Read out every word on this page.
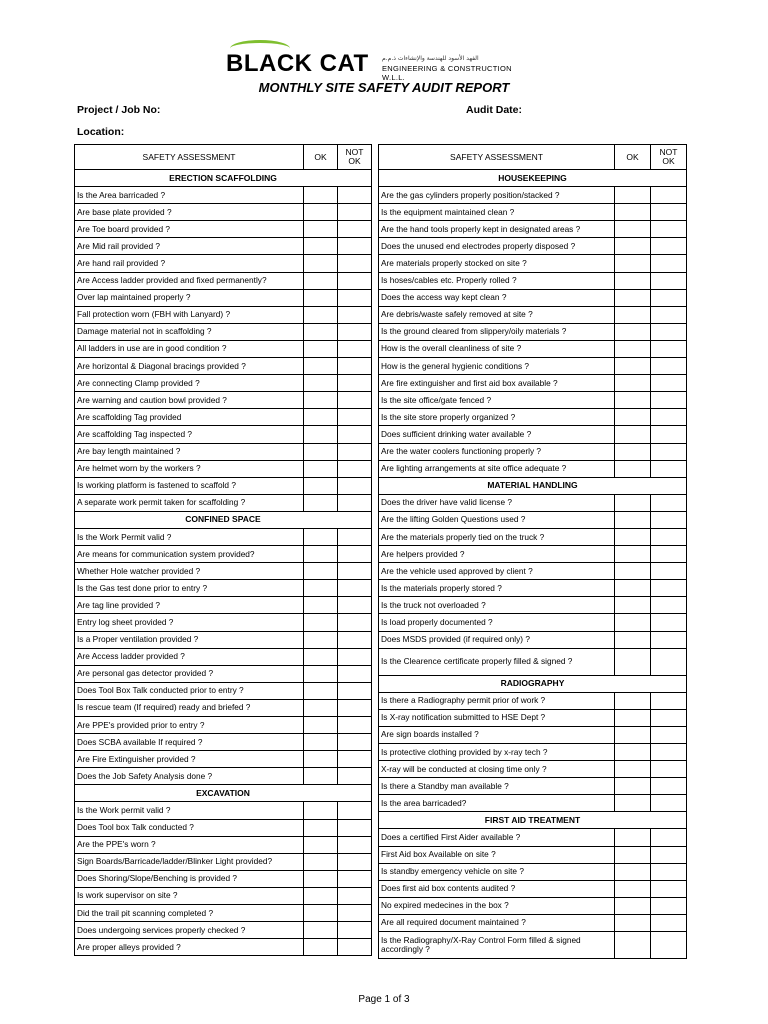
BLACK CAT الفهد الأسود للهندسة والإنشاءات ذ.م.م
ENGINEERING & CONSTRUCTION W.L.L.
MONTHLY SITE SAFETY AUDIT REPORT
Project / Job No:	Audit Date:
Location:
SAFETY ASSESSMENT	OK	NOT OK
ERECTION SCAFFOLDING		
Is the Area barricaded ?		
Are base plate provided ?		
Are Toe board provided ?		
Are Mid rail provided ?		
Are hand rail provided ?		
Are Access ladder provided and fixed permanently?		
Over lap maintained properly ?		
Fall protection worn (FBH with Lanyard) ?		
Damage material not in scaffolding ?		
All ladders in use are in good condition ?		
Are horizontal & Diagonal bracings provided ?		
Are connecting Clamp provided ?		
Are warning and caution bowl provided ?		
Are scaffolding Tag provided		
Are scaffolding Tag inspected ?		
Are bay length maintained ?		
Are helmet worn by the workers ?		
Is working platform is fastened to scaffold ?		
A separate work permit taken for scaffolding ?		
CONFINED SPACE		
Is the Work Permit valid ?		
Are means for communication system provided?		
Whether Hole watcher provided ?		
Is the Gas test done prior to entry ?		
Are tag line provided ?		
Entry log sheet provided ?		
Is a Proper ventilation provided ?		
Are Access ladder provided ?		
Are personal gas detector provided ?		
Does Tool Box Talk conducted prior to entry ?		
Is rescue team (If required) ready and briefed ?		
Are PPE's provided prior to entry ?		
Does SCBA available If required ?		
Are Fire Extinguisher provided ?		
Does the Job Safety Analysis done ?		
EXCAVATION		
Is the Work permit valid ?		
Does Tool box Talk conducted ?		
Are the PPE's worn ?		
Sign Boards/Barricade/ladder/Blinker Light provided?		
Does Shoring/Slope/Benching is provided ?		
Is work supervisor on site ?		
Did the trail pit scanning completed ?		
Does undergoing services properly checked ?		
Are proper alleys provided ?		
SAFETY ASSESSMENT	OK	NOT OK
HOUSEKEEPING		
Are the gas cylinders properly position/stacked ?		
Is the equipment maintained clean ?		
Are the hand tools properly kept in designated areas ?		
Does the unused end electrodes properly disposed ?		
Are materials properly stocked on site ?		
Is hoses/cables etc. Properly rolled ?		
Does the access way kept clean ?		
Are debris/waste safely removed at site ?		
Is the ground cleared from slippery/oily materials ?		
How is the overall cleanliness of site ?		
How is the general hygienic conditions ?		
Are fire extinguisher and first aid box available ?		
Is the site office/gate fenced ?		
Is the site store properly organized ?		
Does sufficient drinking water available ?		
Are the water coolers functioning properly ?		
Are lighting arrangements at site office adequate ?		
MATERIAL HANDLING		
Does the driver have valid license ?		
Are the lifting Golden Questions used ?		
Are the materials properly tied on the truck ?		
Are helpers provided ?		
Are the vehicle used approved by client ?		
Is the materials properly stored ?		
Is the truck not overloaded ?		
Is load properly documented ?		
Does MSDS provided (if required only) ?		
Is the Clearence certificate properly filled & signed ?		
RADIOGRAPHY		
Is there a Radiography permit prior of work ?		
Is X-ray notification submitted to HSE Dept ?		
Are sign boards installed ?		
Is protective clothing provided by x-ray tech ?		
X-ray will be conducted at closing time only ?		
Is there a Standby man available ?		
Is the area barricaded?		
FIRST AID TREATMENT		
Does a certified First Aider available ?		
First Aid box Available on site ?		
Is standby emergency vehicle on site ?		
Does first aid box contents audited ?		
No expired medecines in the box ?		
Are all required document maintained ?		
Is the Radiography/X-Ray Control Form filled & signed accordingly ?		
Page 1 of 3
